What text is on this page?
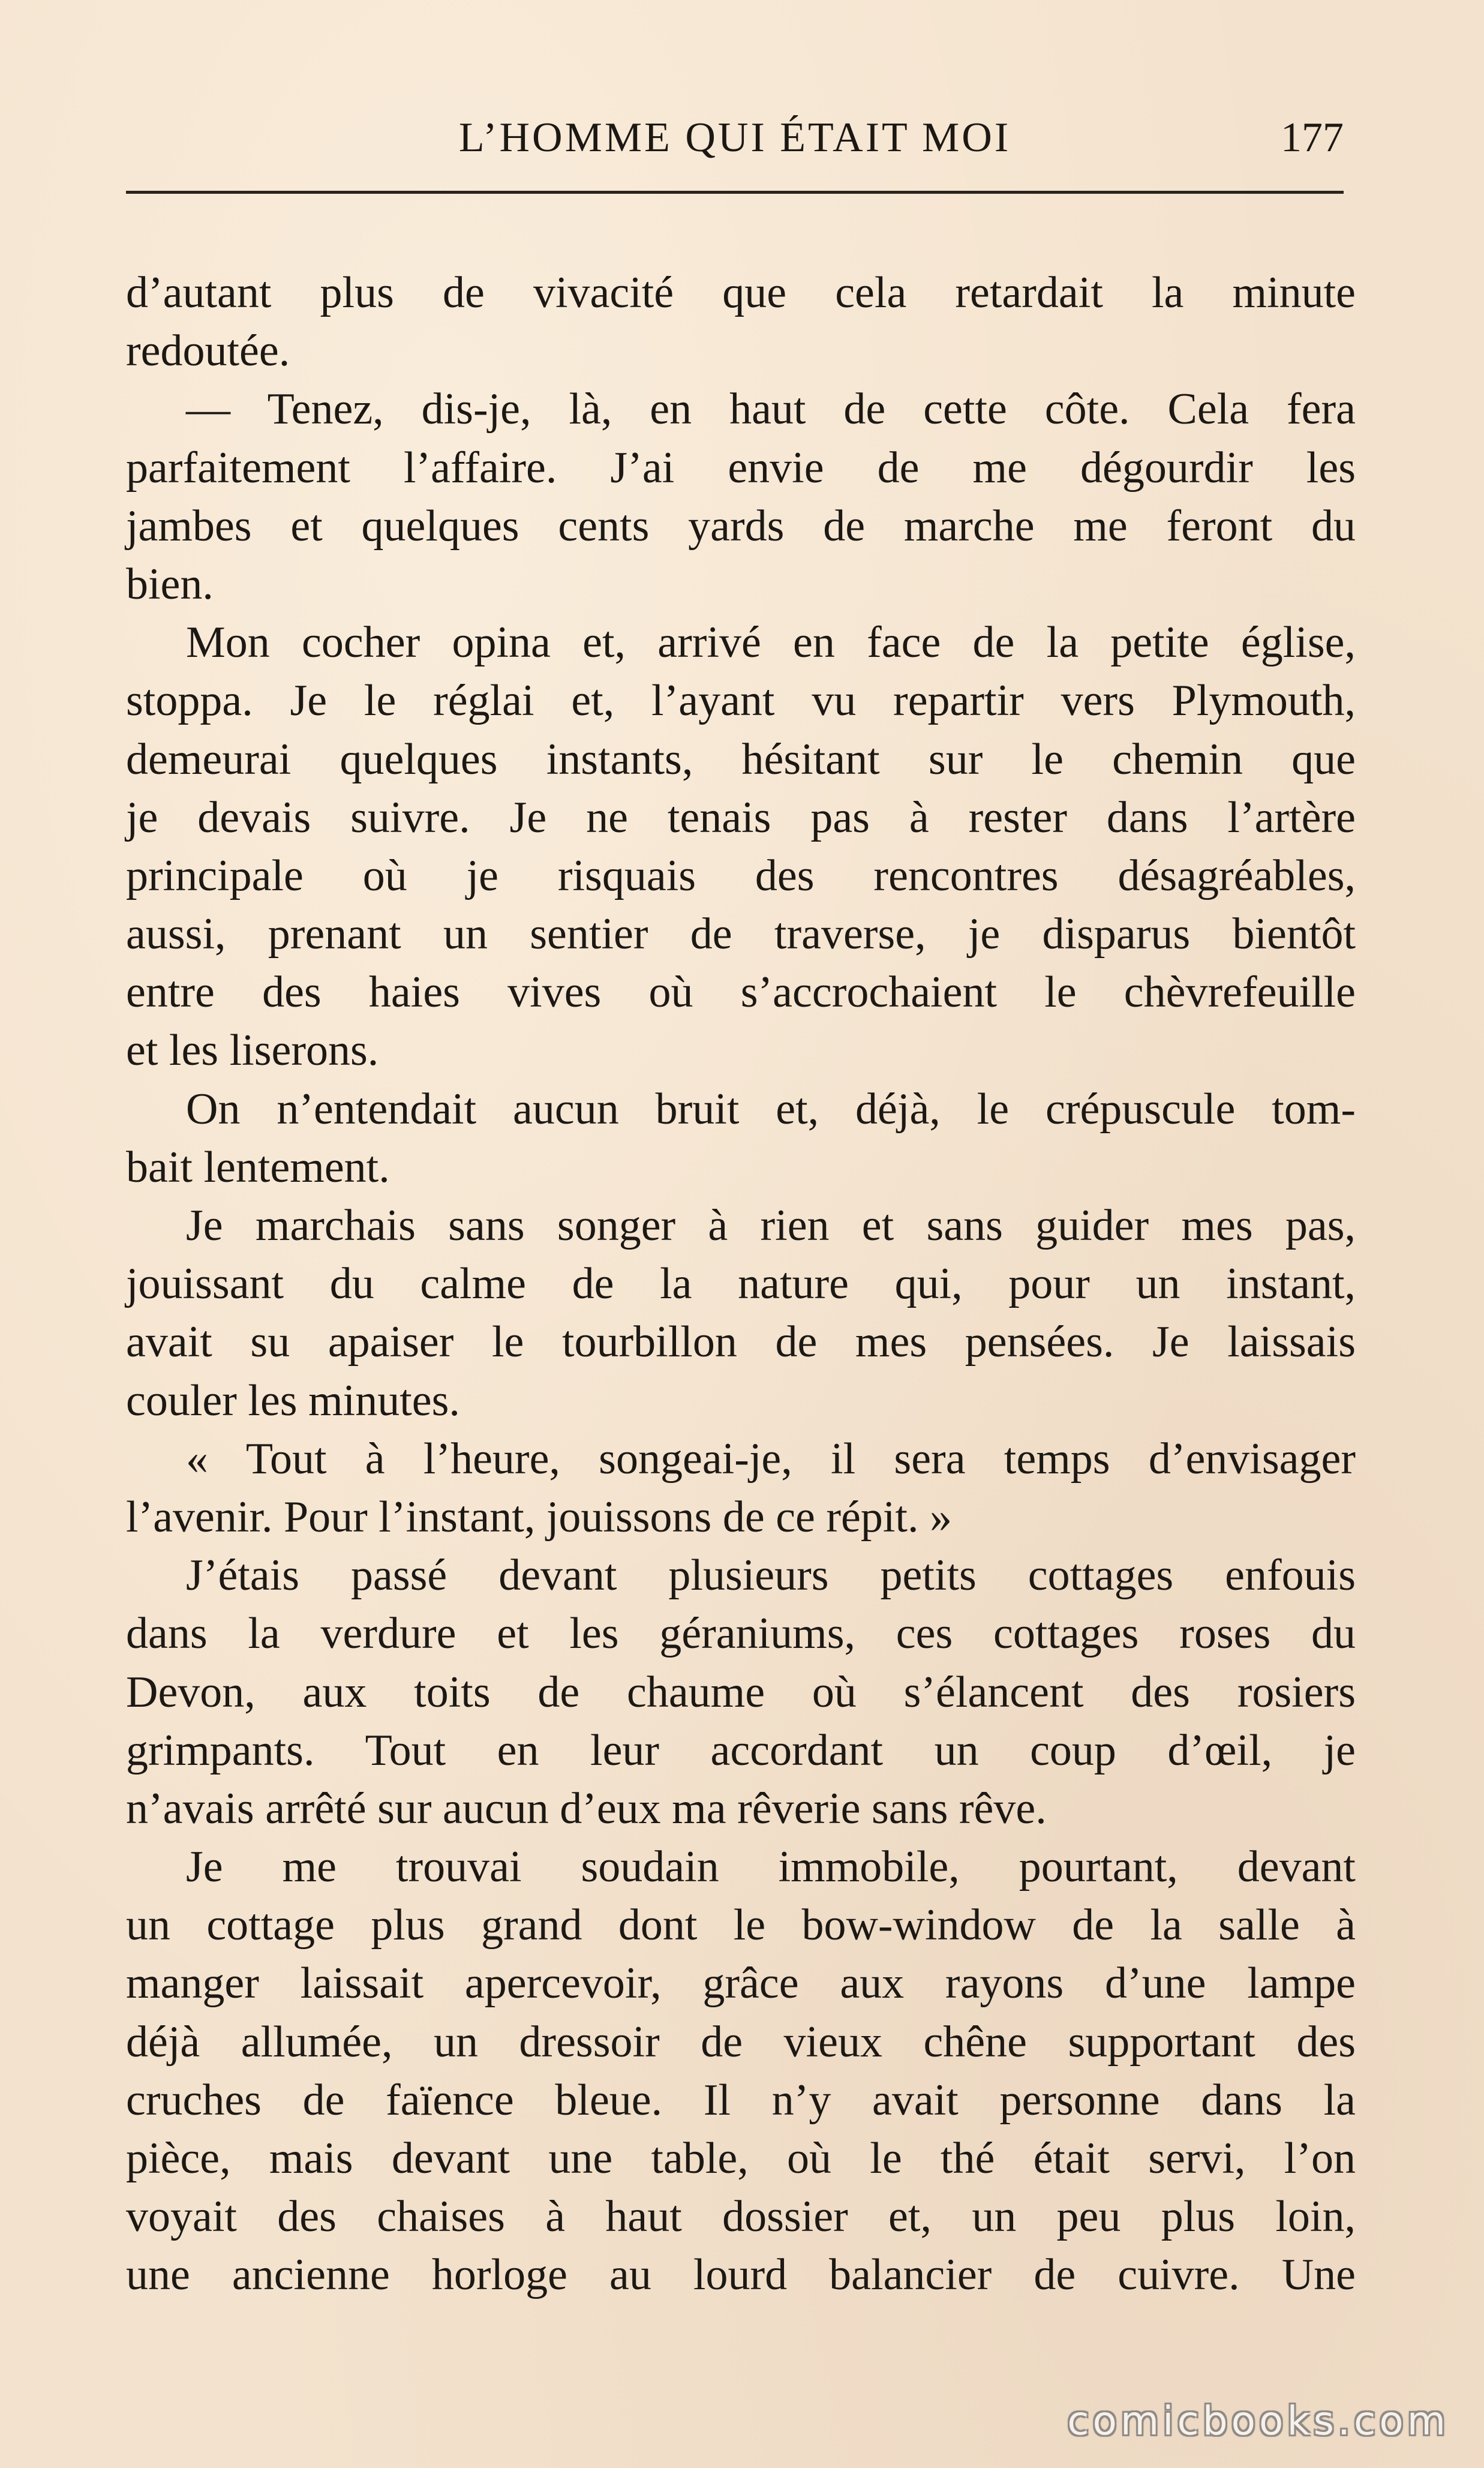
L’HOMME QUI ÉTAIT MOI	177
d’autant plus de vivacité que cela retardait la minute
redoutée.
— Tenez, dis-je, là, en haut de cette côte. Cela fera
parfaitement l’affaire. J’ai envie de me dégourdir les
jambes et quelques cents yards de marche me feront du
bien.
Mon cocher opina et, arrivé en face de la petite église,
stoppa. Je le réglai et, l’ayant vu repartir vers Plymouth,
demeurai quelques instants, hésitant sur le chemin que
je devais suivre. Je ne tenais pas à rester dans l’artère
principale où je risquais des rencontres désagréables,
aussi, prenant un sentier de traverse, je disparus bientôt
entre des haies vives où s’accrochaient le chèvrefeuille
et les liserons.
On n’entendait aucun bruit et, déjà, le crépuscule tom-
bait lentement.
Je marchais sans songer à rien et sans guider mes pas,
jouissant du calme de la nature qui, pour un instant,
avait su apaiser le tourbillon de mes pensées. Je laissais
couler les minutes.
« Tout à l’heure, songeai-je, il sera temps d’envisager
l’avenir. Pour l’instant, jouissons de ce répit. »
J’étais passé devant plusieurs petits cottages enfouis
dans la verdure et les géraniums, ces cottages roses du
Devon, aux toits de chaume où s’élancent des rosiers
grimpants. Tout en leur accordant un coup d’œil, je
n’avais arrêté sur aucun d’eux ma rêverie sans rêve.
Je me trouvai soudain immobile, pourtant, devant
un cottage plus grand dont le bow-window de la salle à
manger laissait apercevoir, grâce aux rayons d’une lampe
déjà allumée, un dressoir de vieux chêne supportant des
cruches de faïence bleue. Il n’y avait personne dans la
pièce, mais devant une table, où le thé était servi, l’on
voyait des chaises à haut dossier et, un peu plus loin,
une ancienne horloge au lourd balancier de cuivre. Une
comicbooks.com
